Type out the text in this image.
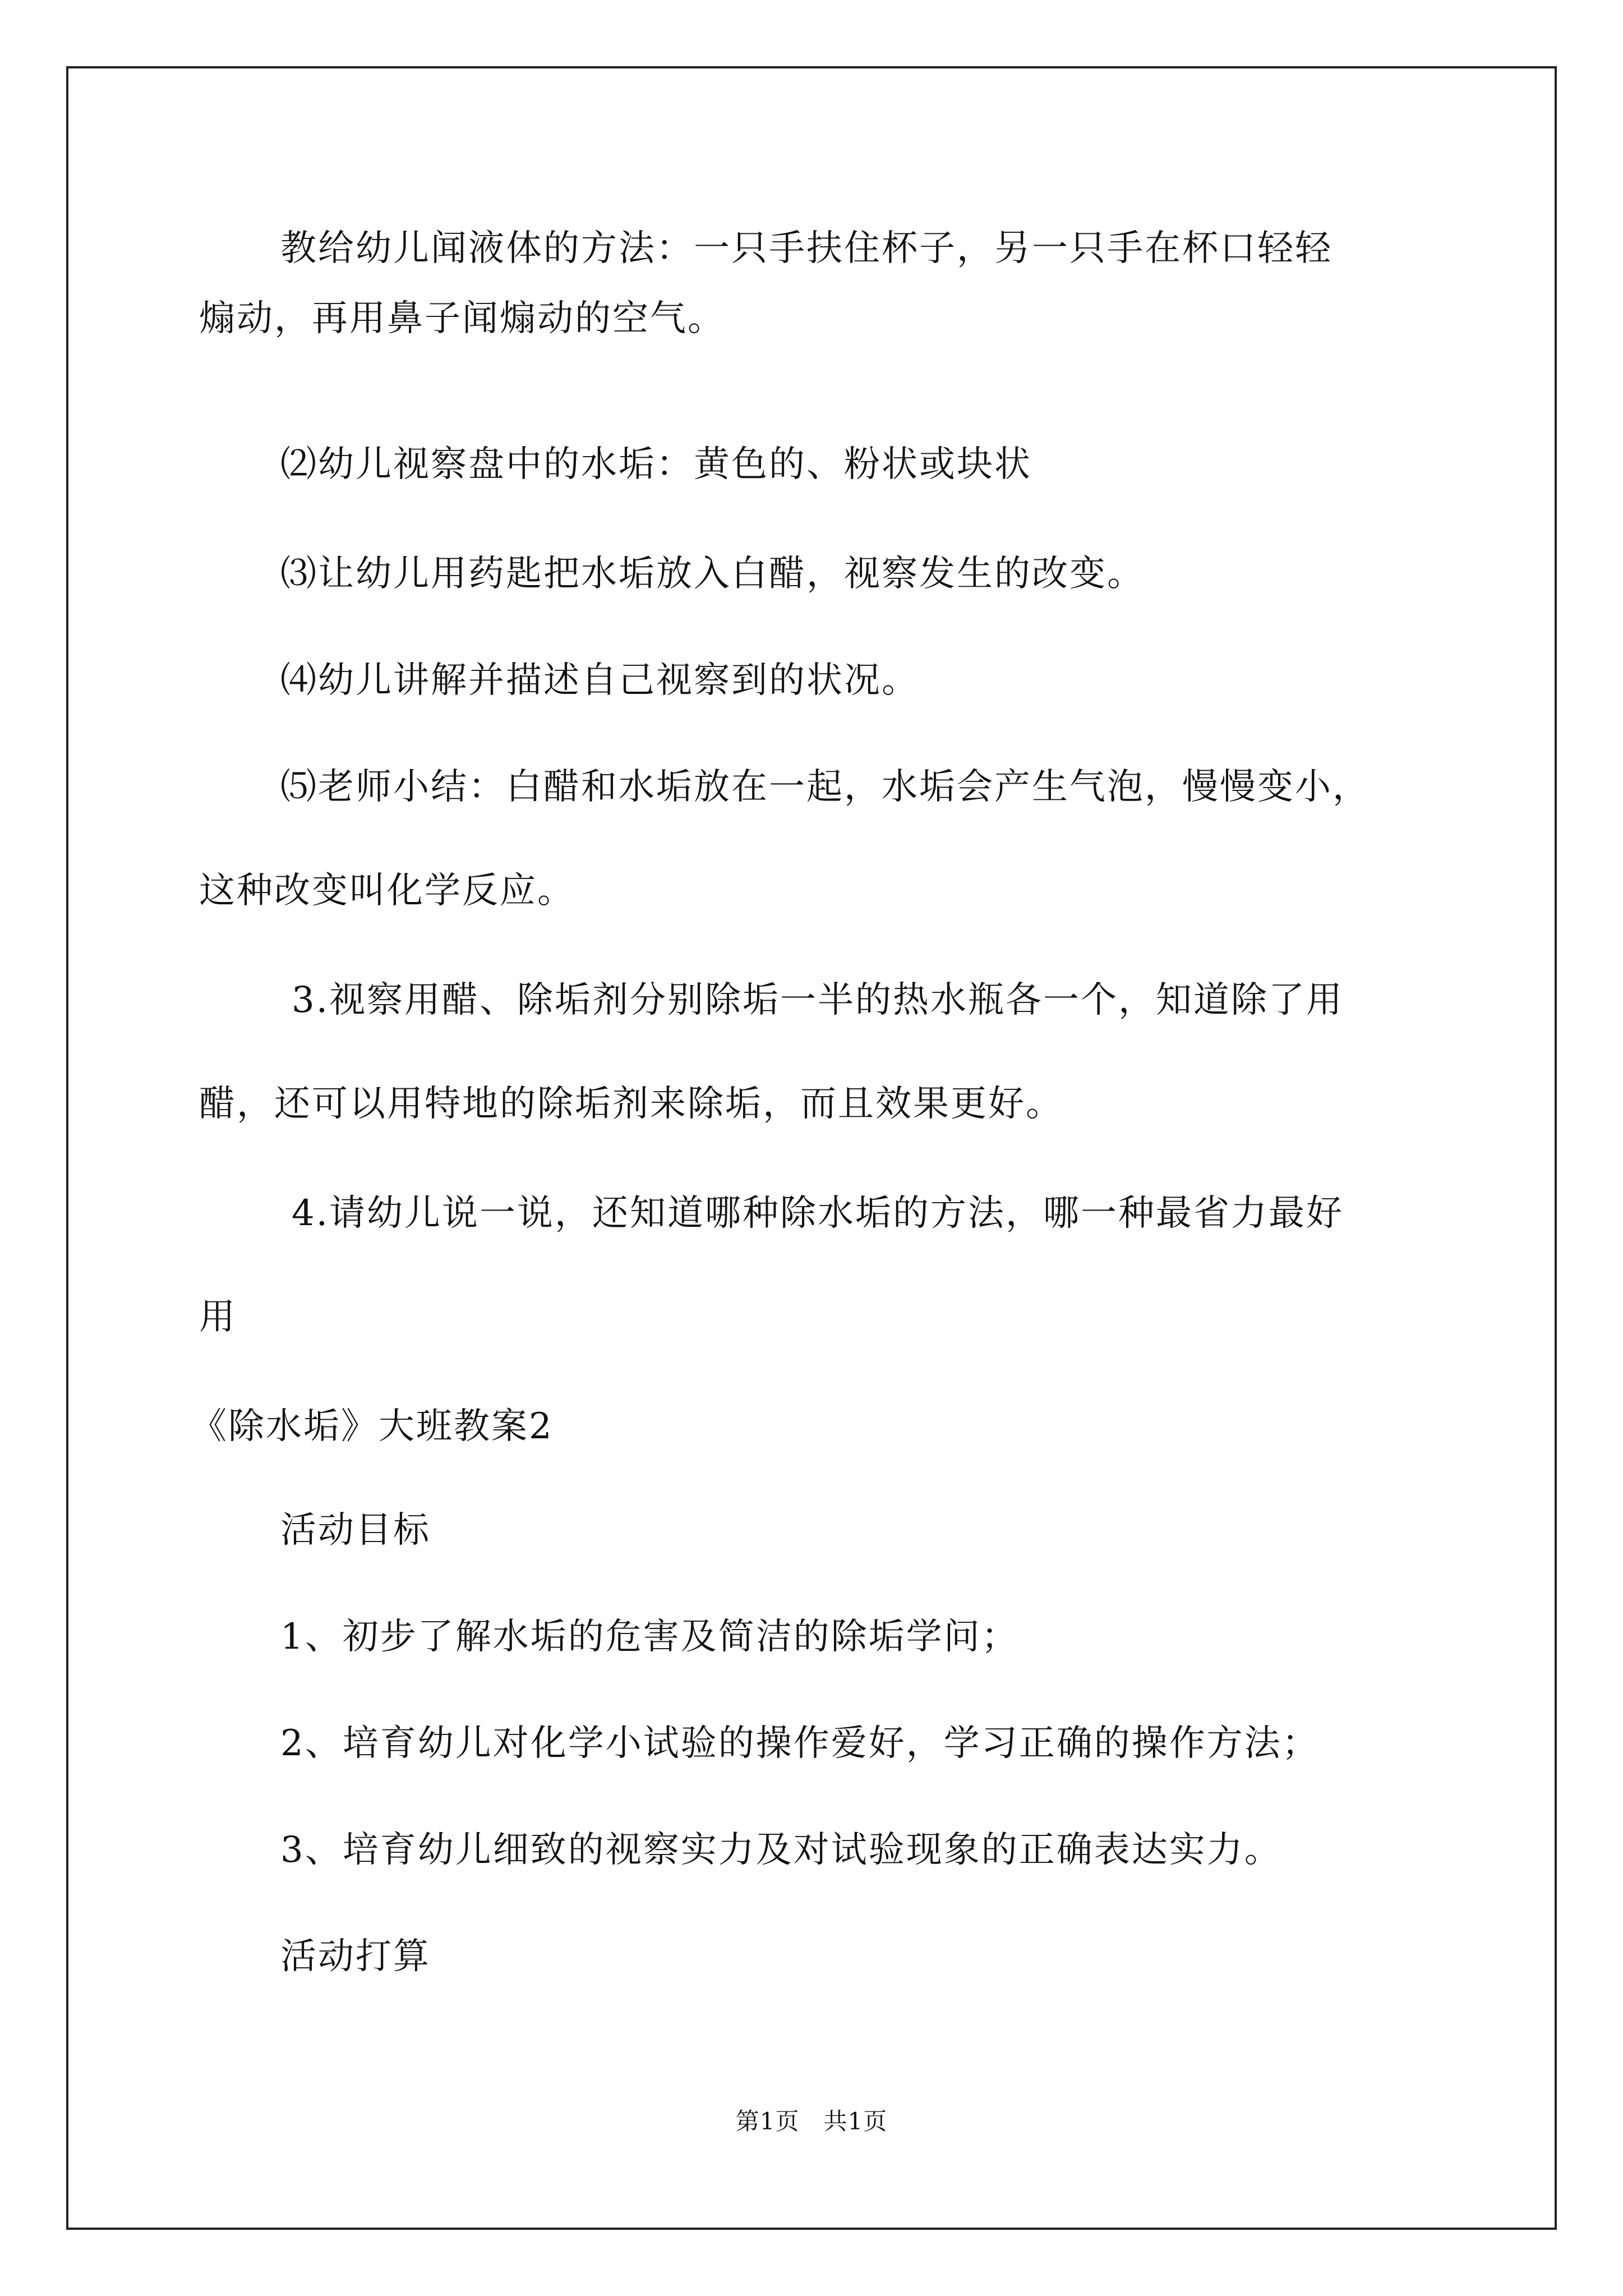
教给幼儿闻液体的方法：一只手扶住杯子，另一只手在杯口轻轻
煽动，再用鼻子闻煽动的空气。
⑵幼儿视察盘中的水垢：黄色的、粉状或块状
⑶让幼儿用药匙把水垢放入白醋，视察发生的改变。
⑷幼儿讲解并描述自己视察到的状况。
⑸老师小结：白醋和水垢放在一起，水垢会产生气泡，慢慢变小，
这种改变叫化学反应。
3.视察用醋、除垢剂分别除垢一半的热水瓶各一个，知道除了用
醋，还可以用特地的除垢剂来除垢，而且效果更好。
4.请幼儿说一说，还知道哪种除水垢的方法，哪一种最省力最好
用
《除水垢》大班教案2
活动目标
1、初步了解水垢的危害及简洁的除垢学问；
2、培育幼儿对化学小试验的操作爱好，学习正确的操作方法；
3、培育幼儿细致的视察实力及对试验现象的正确表达实力。
活动打算
第1页　共1页
